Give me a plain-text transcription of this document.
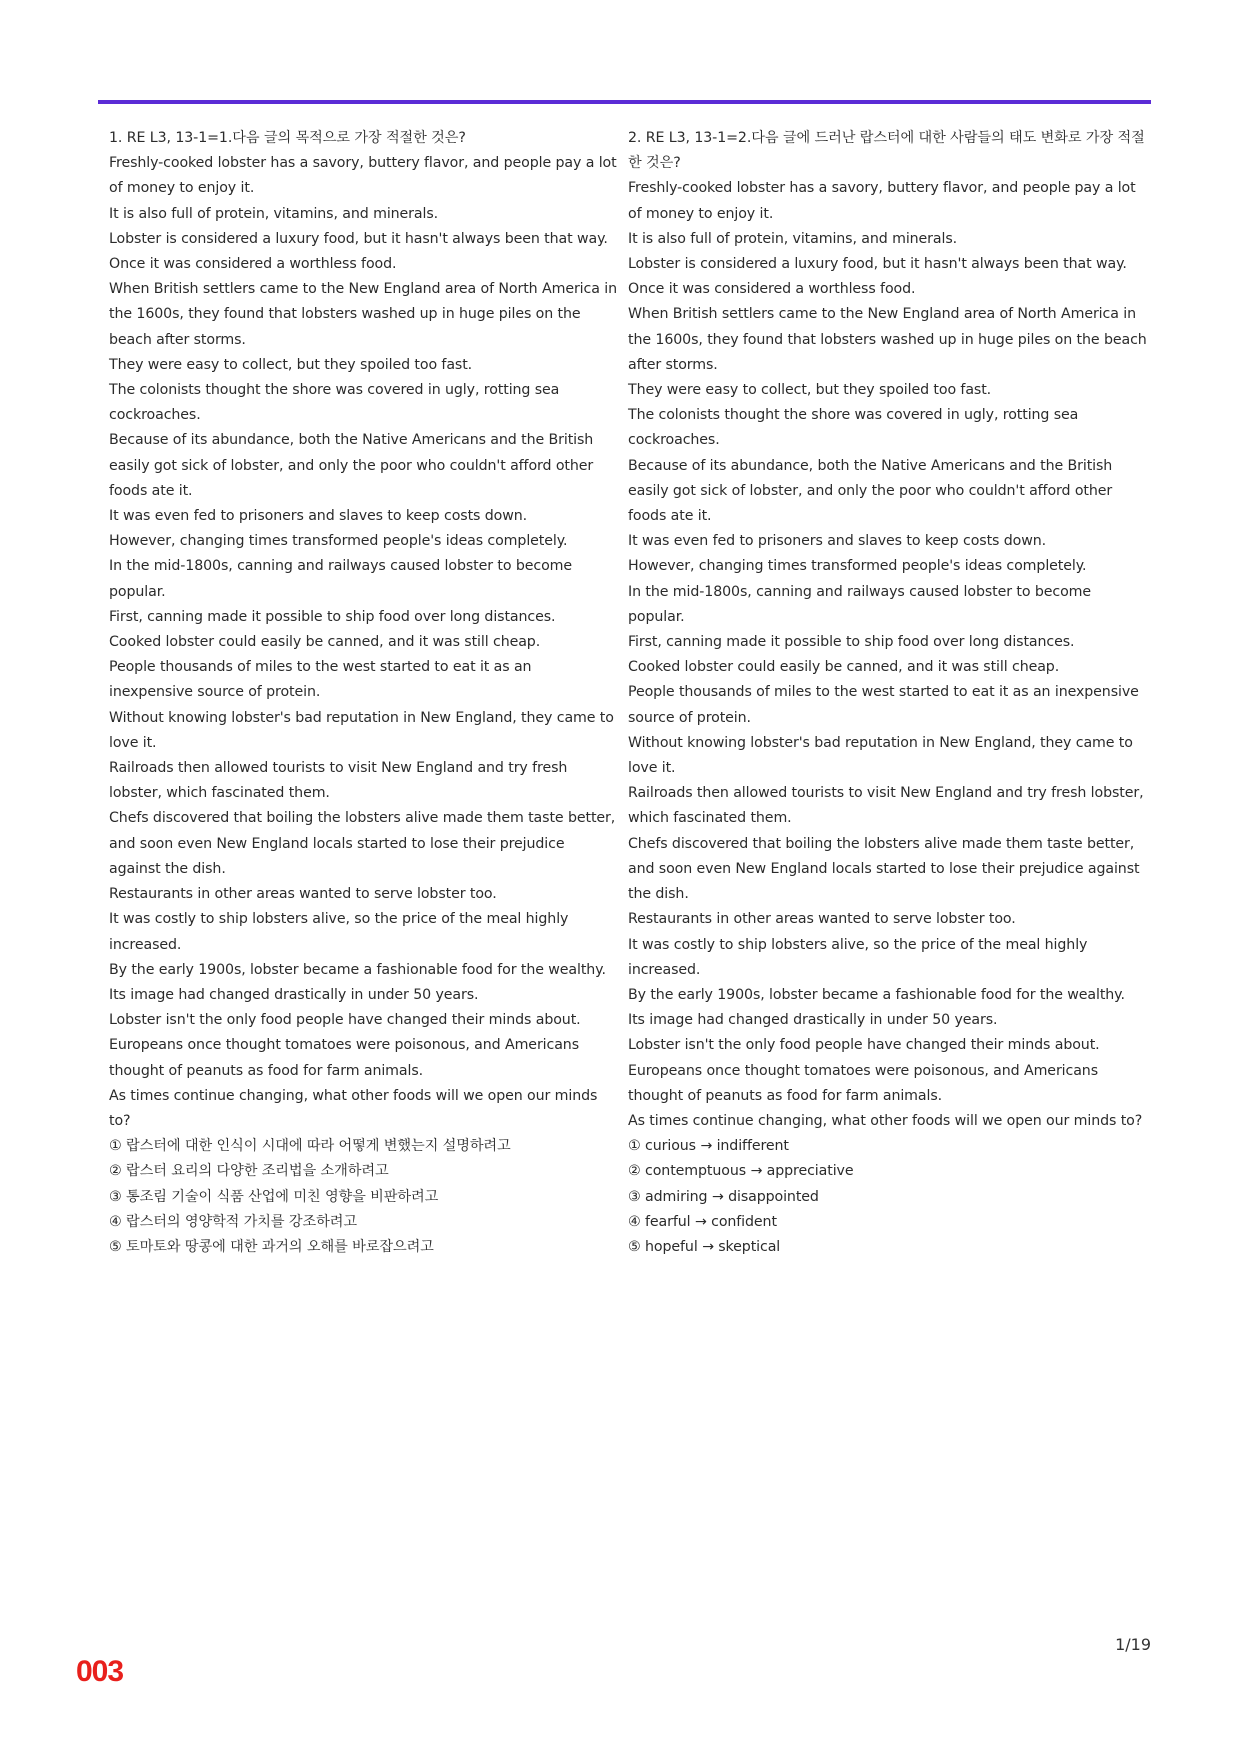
1. RE L3, 13-1=1.다음 글의 목적으로 가장 적절한 것은?
Freshly-cooked lobster has a savory, buttery flavor, and people pay a lot of money to enjoy it.
It is also full of protein, vitamins, and minerals.
Lobster is considered a luxury food, but it hasn't always been that way.
Once it was considered a worthless food.
When British settlers came to the New England area of North America in the 1600s, they found that lobsters washed up in huge piles on the beach after storms.
They were easy to collect, but they spoiled too fast.
The colonists thought the shore was covered in ugly, rotting sea cockroaches.
Because of its abundance, both the Native Americans and the British easily got sick of lobster, and only the poor who couldn't afford other foods ate it.
It was even fed to prisoners and slaves to keep costs down.
However, changing times transformed people's ideas completely.
In the mid-1800s, canning and railways caused lobster to become popular.
First, canning made it possible to ship food over long distances.
Cooked lobster could easily be canned, and it was still cheap.
People thousands of miles to the west started to eat it as an inexpensive source of protein.
Without knowing lobster's bad reputation in New England, they came to love it.
Railroads then allowed tourists to visit New England and try fresh lobster, which fascinated them.
Chefs discovered that boiling the lobsters alive made them taste better, and soon even New England locals started to lose their prejudice against the dish.
Restaurants in other areas wanted to serve lobster too.
It was costly to ship lobsters alive, so the price of the meal highly increased.
By the early 1900s, lobster became a fashionable food for the wealthy.
Its image had changed drastically in under 50 years.
Lobster isn't the only food people have changed their minds about.
Europeans once thought tomatoes were poisonous, and Americans thought of peanuts as food for farm animals.
As times continue changing, what other foods will we open our minds to?
① 랍스터에 대한 인식이 시대에 따라 어떻게 변했는지 설명하려고
② 랍스터 요리의 다양한 조리법을 소개하려고
③ 통조림 기술이 식품 산업에 미친 영향을 비판하려고
④ 랍스터의 영양학적 가치를 강조하려고
⑤ 토마토와 땅콩에 대한 과거의 오해를 바로잡으려고
2. RE L3, 13-1=2.다음 글에 드러난 랍스터에 대한 사람들의 태도 변화로 가장 적절한 것은?
Freshly-cooked lobster has a savory, buttery flavor, and people pay a lot of money to enjoy it.
It is also full of protein, vitamins, and minerals.
Lobster is considered a luxury food, but it hasn't always been that way.
Once it was considered a worthless food.
When British settlers came to the New England area of North America in the 1600s, they found that lobsters washed up in huge piles on the beach after storms.
They were easy to collect, but they spoiled too fast.
The colonists thought the shore was covered in ugly, rotting sea cockroaches.
Because of its abundance, both the Native Americans and the British easily got sick of lobster, and only the poor who couldn't afford other foods ate it.
It was even fed to prisoners and slaves to keep costs down.
However, changing times transformed people's ideas completely.
In the mid-1800s, canning and railways caused lobster to become popular.
First, canning made it possible to ship food over long distances.
Cooked lobster could easily be canned, and it was still cheap.
People thousands of miles to the west started to eat it as an inexpensive source of protein.
Without knowing lobster's bad reputation in New England, they came to love it.
Railroads then allowed tourists to visit New England and try fresh lobster, which fascinated them.
Chefs discovered that boiling the lobsters alive made them taste better, and soon even New England locals started to lose their prejudice against the dish.
Restaurants in other areas wanted to serve lobster too.
It was costly to ship lobsters alive, so the price of the meal highly increased.
By the early 1900s, lobster became a fashionable food for the wealthy.
Its image had changed drastically in under 50 years.
Lobster isn't the only food people have changed their minds about.
Europeans once thought tomatoes were poisonous, and Americans thought of peanuts as food for farm animals.
As times continue changing, what other foods will we open our minds to?
① curious → indifferent
② contemptuous → appreciative
③ admiring → disappointed
④ fearful → confident
⑤ hopeful → skeptical
1/19
003
